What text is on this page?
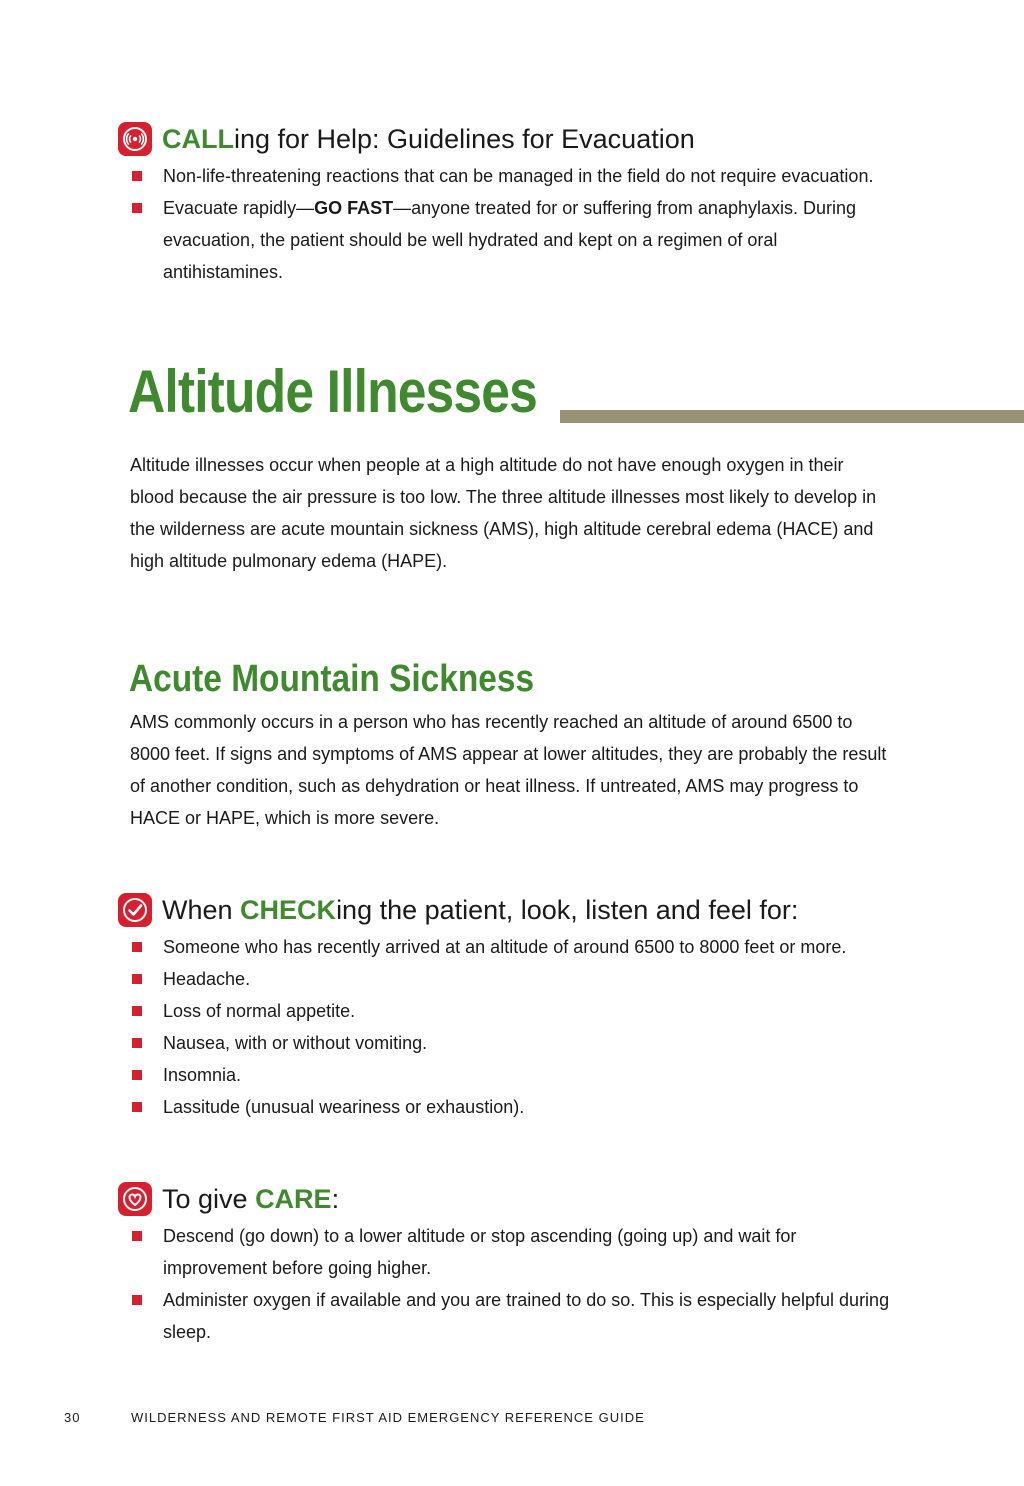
CALL ing for Help: Guidelines for Evacuation
Non-life-threatening reactions that can be managed in the field do not require evacuation.
Evacuate rapidly—GO FAST—anyone treated for or suffering from anaphylaxis. During evacuation, the patient should be well hydrated and kept on a regimen of oral antihistamines.
Altitude Illnesses

Altitude illnesses occur when people at a high altitude do not have enough oxygen in their blood because the air pressure is too low. The three altitude illnesses most likely to develop in the wilderness are acute mountain sickness (AMS), high altitude cerebral edema (HACE) and high altitude pulmonary edema (HAPE).

Acute Mountain Sickness

AMS commonly occurs in a person who has recently reached an altitude of around 6500 to 8000 feet. If signs and symptoms of AMS appear at lower altitudes, they are probably the result of another condition, such as dehydration or heat illness. If untreated, AMS may progress to HACE or HAPE, which is more severe.

When CHECK ing the patient, look, listen and feel for:
Someone who has recently arrived at an altitude of around 6500 to 8000 feet or more.
Headache.
Loss of normal appetite.
Nausea, with or without vomiting.
Insomnia.
Lassitude (unusual weariness or exhaustion).
To give CARE :
Descend (go down) to a lower altitude or stop ascending (going up) and wait for improvement before going higher.
Administer oxygen if available and you are trained to do so. This is especially helpful during sleep.
30	WILDERNESS AND REMOTE FIRST AID EMERGENCY REFERENCE GUIDE
